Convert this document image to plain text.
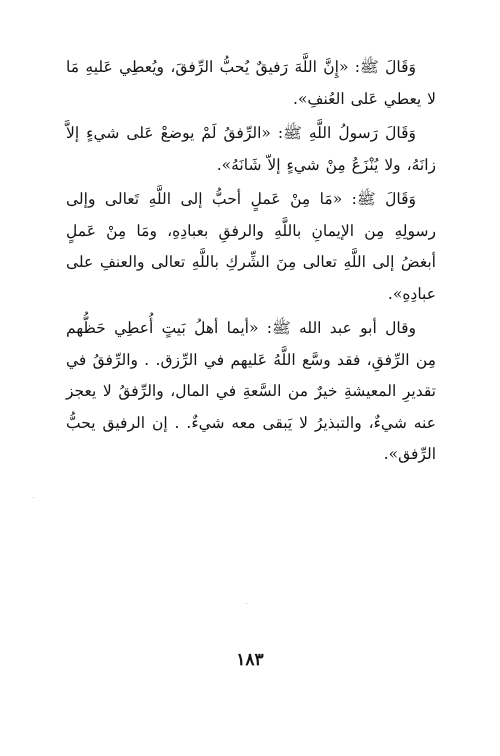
وَقَالَ ﷺ: «إِنَّ اللَّهَ رَفيقٌ يُحبُّ الرِّفقَ، ويُعطِي عَليهِ مَا لا يعطي عَلى العُنفِ».

وَقَالَ رَسولُ اللَّهِ ﷺ: «الرِّفقُ لَمْ يوضعْ عَلى شيءٍ إلاَّ زانَهُ، ولا يُنْزَعُ مِنْ شيءٍ إلاّ شَانَهُ».

وَقَالَ ﷺ: «مَا مِنْ عَملٍ أحبُّ إلى اللَّهِ تَعالى وإلى رسولِهِ مِن الإيمانِ باللَّهِ والرفقِ بعبادِهِ، ومَا مِنْ عَملٍ أبغضُ إلى اللَّهِ تعالى مِنَ الشِّركِ باللَّهِ تعالى والعنفِ على عبادِهِ».

وقال أبو عبد الله ﷺ: «أيما أهلُ بَيتٍ أُعطِي حَظُّهم مِن الرِّفقِ، فقد وسَّع اللَّهُ عَليهم في الرِّزق. . والرِّفقُ في تقديرِ المعيشةِ خيرٌ من السَّعةِ في المال، والرِّفقُ لا يعجز عنه شيءٌ، والتبذيرُ لا يَبقى معه شيءٌ. . إن الرفيق يحبُّ الرِّفق».

١٨٣
